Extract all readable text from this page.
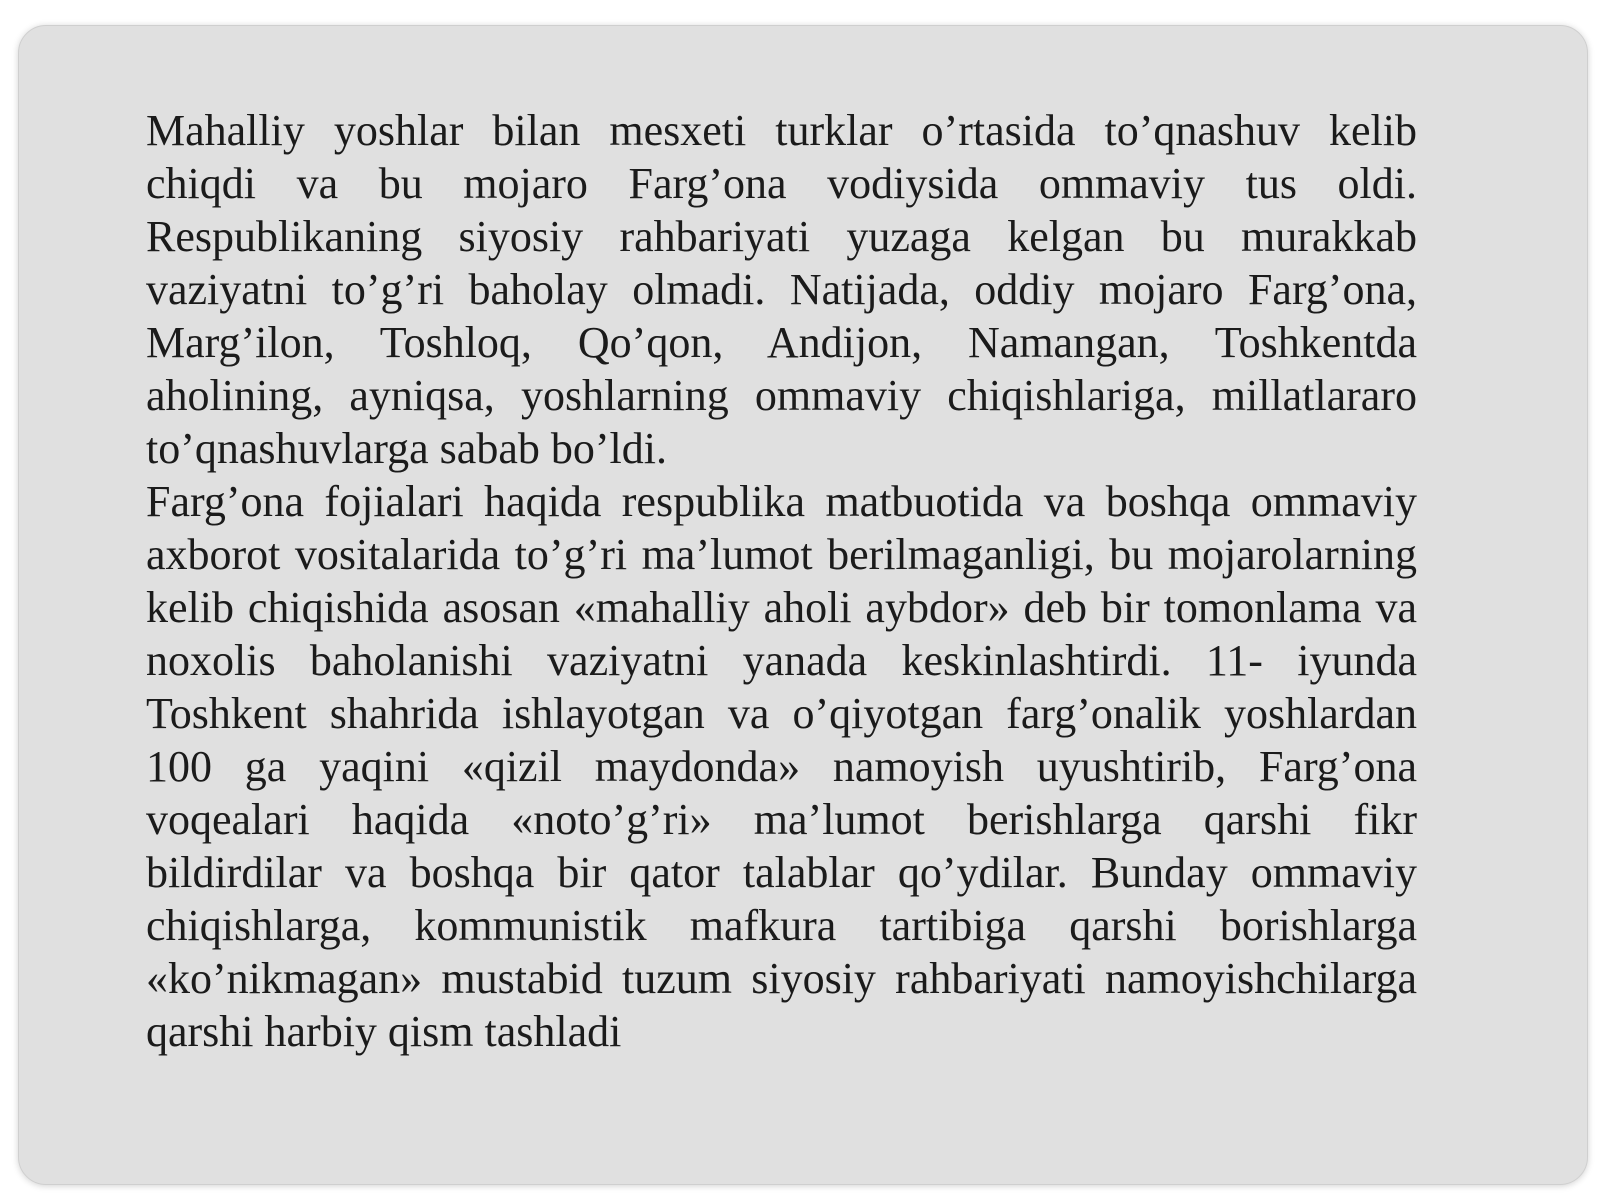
Mahalliy yoshlar bilan mesxeti turklar o’rtasida to’qnashuv kelib
chiqdi va bu mojaro Farg’ona vodiysida ommaviy tus oldi.
Respublikaning siyosiy rahbariyati yuzaga kelgan bu murakkab
vaziyatni to’g’ri baholay olmadi. Natijada, oddiy mojaro Farg’ona,
Marg’ilon, Toshloq, Qo’qon, Andijon, Namangan, Toshkentda
aholining, ayniqsa, yoshlarning ommaviy chiqishlariga, millatlararo
to’qnashuvlarga sabab bo’ldi.
Farg’ona fojialari haqida respublika matbuotida va boshqa ommaviy
axborot vositalarida to’g’ri ma’lumot berilmaganligi, bu mojarolarning
kelib chiqishida asosan «mahalliy aholi aybdor» deb bir tomonlama va
noxolis baholanishi vaziyatni yanada keskinlashtirdi. 11- iyunda
Toshkent shahrida ishlayotgan va o’qiyotgan farg’onalik yoshlardan
100 ga yaqini «qizil maydonda» namoyish uyushtirib, Farg’ona
voqealari haqida «noto’g’ri» ma’lumot berishlarga qarshi fikr
bildirdilar va boshqa bir qator talablar qo’ydilar. Bunday ommaviy
chiqishlarga, kommunistik mafkura tartibiga qarshi borishlarga
«ko’nikmagan» mustabid tuzum siyosiy rahbariyati namoyishchilarga
qarshi harbiy qism tashladi
